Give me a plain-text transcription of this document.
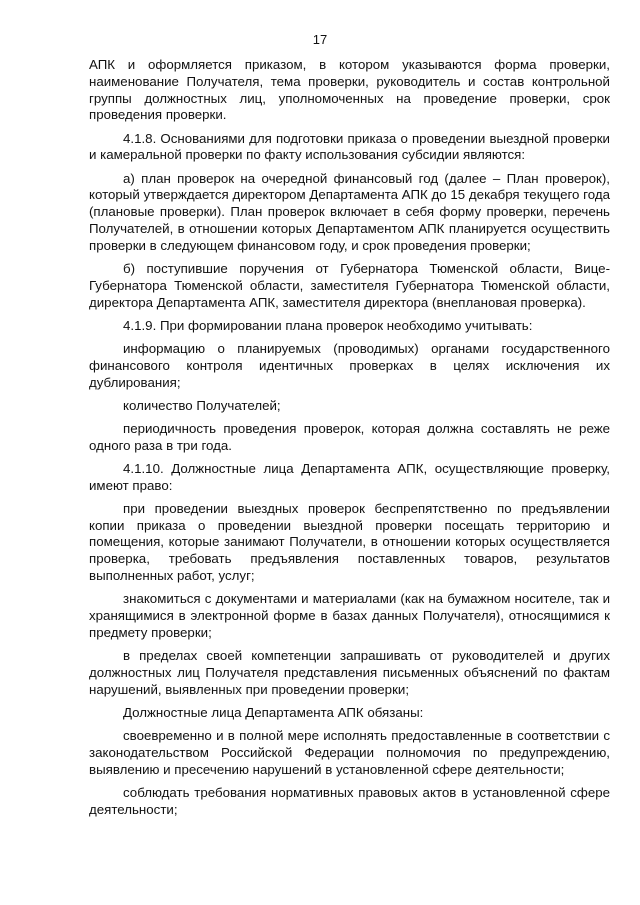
17

АПК и оформляется приказом, в котором указываются форма проверки, наименование Получателя, тема проверки, руководитель и состав контрольной группы должностных лиц, уполномоченных на проведение проверки, срок проведения проверки.

4.1.8. Основаниями для подготовки приказа о проведении выездной проверки и камеральной проверки по факту использования субсидии являются:

а) план проверок на очередной финансовый год (далее – План проверок), который утверждается директором Департамента АПК до 15 декабря текущего года (плановые проверки). План проверок включает в себя форму проверки, перечень Получателей, в отношении которых Департаментом АПК планируется осуществить проверки в следующем финансовом году, и срок проведения проверки;

б) поступившие поручения от Губернатора Тюменской области, Вице-Губернатора Тюменской области, заместителя Губернатора Тюменской области, директора Департамента АПК, заместителя директора (внеплановая проверка).

4.1.9. При формировании плана проверок необходимо учитывать:

информацию о планируемых (проводимых) органами государственного финансового контроля идентичных проверках в целях исключения их дублирования;

количество Получателей;

периодичность проведения проверок, которая должна составлять не реже одного раза в три года.

4.1.10. Должностные лица Департамента АПК, осуществляющие проверку, имеют право:

при проведении выездных проверок беспрепятственно по предъявлении копии приказа о проведении выездной проверки посещать территорию и помещения, которые занимают Получатели, в отношении которых осуществляется проверка, требовать предъявления поставленных товаров, результатов выполненных работ, услуг;

знакомиться с документами и материалами (как на бумажном носителе, так и хранящимися в электронной форме в базах данных Получателя), относящимися к предмету проверки;

в пределах своей компетенции запрашивать от руководителей и других должностных лиц Получателя представления письменных объяснений по фактам нарушений, выявленных при проведении проверки;

Должностные лица Департамента АПК обязаны:

своевременно и в полной мере исполнять предоставленные в соответствии с законодательством Российской Федерации полномочия по предупреждению, выявлению и пресечению нарушений в установленной сфере деятельности;

соблюдать требования нормативных правовых актов в установленной сфере деятельности;
